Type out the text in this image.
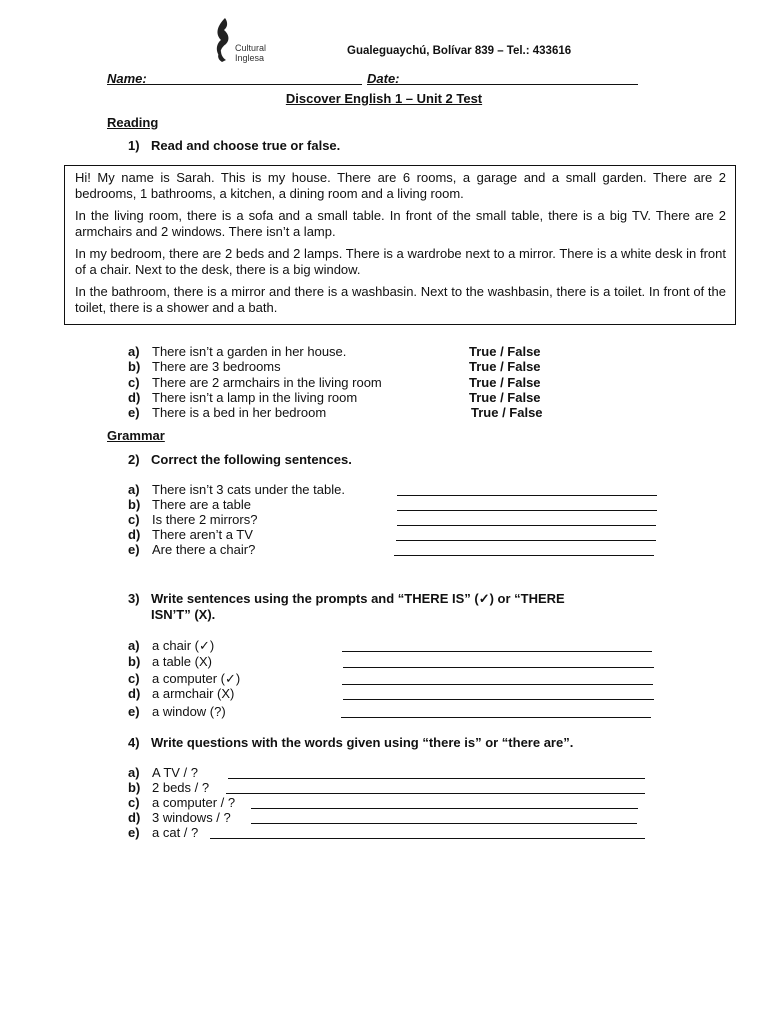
Cultural
Inglesa
Gualeguaychú, Bolívar 839 – Tel.: 433616
Name:	Date:
Discover English 1 – Unit 2 Test
Reading
1) Read and choose true or false.

Hi! My name is Sarah. This is my house. There are 6 rooms, a garage and a small garden. There are 2 bedrooms, 1 bathrooms, a kitchen, a dining room and a living room.

In the living room, there is a sofa and a small table. In front of the small table, there is a big TV. There are 2 armchairs and 2 windows. There isn’t a lamp.

In my bedroom, there are 2 beds and 2 lamps. There is a wardrobe next to a mirror. There is a white desk in front of a chair. Next to the desk, there is a big window.

In the bathroom, there is a mirror and there is a washbasin. Next to the washbasin, there is a toilet. In front of the toilet, there is a shower and a bath.

a) There isn’t a garden in her house.	True / False
b) There are 3 bedrooms	True / False
c) There are 2 armchairs in the living room	True / False
d) There isn’t a lamp in the living room	True / False
e) There is a bed in her bedroom	True / False
Grammar
2) Correct the following sentences.
a) There isn’t 3 cats under the table.
b) There are a table
c) Is there 2 mirrors?
d) There aren’t a TV
e) Are there a chair?
3) Write sentences using the prompts and “THERE IS” (✓) or “THERE
ISN’T” (X).
a) a chair (✓)
b) a table (X)
c) a computer (✓)
d) a armchair (X)
e) a window (?)
4) Write questions with the words given using “there is” or “there are”.
a) A TV / ?
b) 2 beds / ?
c) a computer / ?
d) 3 windows / ?
e) a cat / ?
